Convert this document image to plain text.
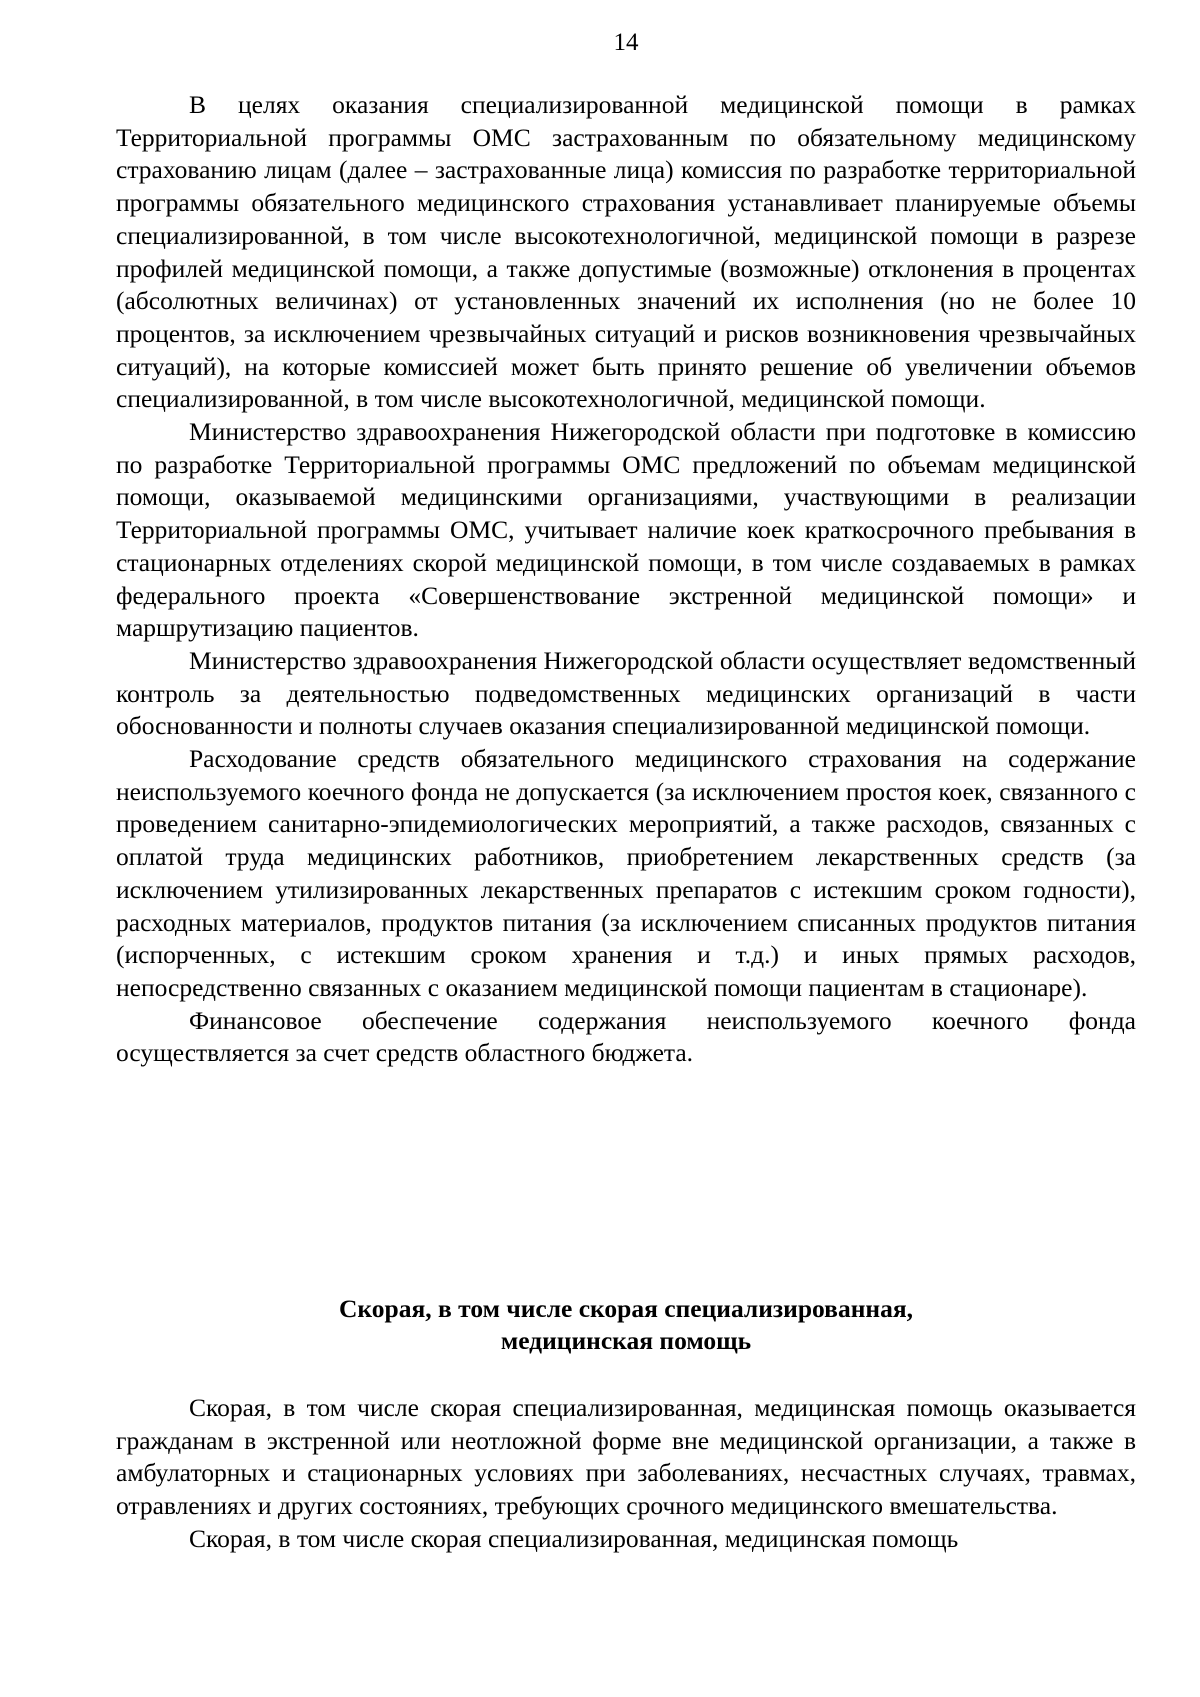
14

В целях оказания специализированной медицинской помощи в рамках Территориальной программы ОМС застрахованным по обязательному медицинскому страхованию лицам (далее – застрахованные лица) комиссия по разработке территориальной программы обязательного медицинского страхования устанавливает планируемые объемы специализированной, в том числе высокотехнологичной, медицинской помощи в разрезе профилей медицинской помощи, а также допустимые (возможные) отклонения в процентах (абсолютных величинах) от установленных значений их исполнения (но не более 10 процентов, за исключением чрезвычайных ситуаций и рисков возникновения чрезвычайных ситуаций), на которые комиссией может быть принято решение об увеличении объемов специализированной, в том числе высокотехнологичной, медицинской помощи.

Министерство здравоохранения Нижегородской области при подготовке в комиссию по разработке Территориальной программы ОМС предложений по объемам медицинской помощи, оказываемой медицинскими организациями, участвующими в реализации Территориальной программы ОМС, учитывает наличие коек краткосрочного пребывания в стационарных отделениях скорой медицинской помощи, в том числе создаваемых в рамках федерального проекта «Совершенствование экстренной медицинской помощи» и маршрутизацию пациентов.

Министерство здравоохранения Нижегородской области осуществляет ведомственный контроль за деятельностью подведомственных медицинских организаций в части обоснованности и полноты случаев оказания специализированной медицинской помощи.

Расходование средств обязательного медицинского страхования на содержание неиспользуемого коечного фонда не допускается (за исключением простоя коек, связанного с проведением санитарно-эпидемиологических мероприятий, а также расходов, связанных с оплатой труда медицинских работников, приобретением лекарственных средств (за исключением утилизированных лекарственных препаратов с истекшим сроком годности), расходных материалов, продуктов питания (за исключением списанных продуктов питания (испорченных, с истекшим сроком хранения и т.д.) и иных прямых расходов, непосредственно связанных с оказанием медицинской помощи пациентам в стационаре).

Финансовое обеспечение содержания неиспользуемого коечного фонда осуществляется за счет средств областного бюджета.

Скорая, в том числе скорая специализированная,
медицинская помощь

Скорая, в том числе скорая специализированная, медицинская помощь оказывается гражданам в экстренной или неотложной форме вне медицинской организации, а также в амбулаторных и стационарных условиях при заболеваниях, несчастных случаях, травмах, отравлениях и других состояниях, требующих срочного медицинского вмешательства.

Скорая, в том числе скорая специализированная, медицинская помощь
